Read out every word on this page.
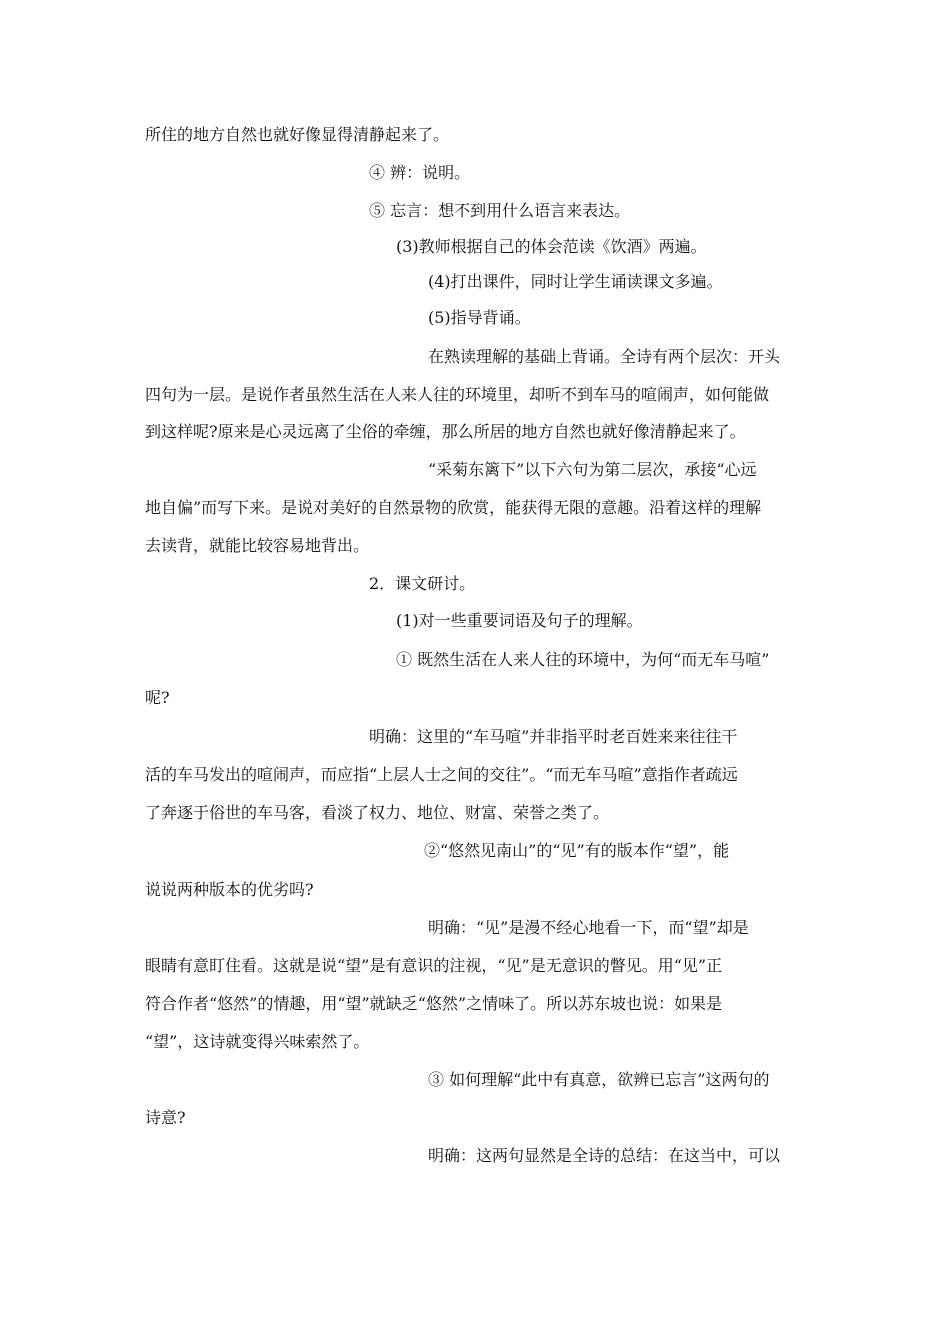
所住的地方自然也就好像显得清静起来了。
④ 辨：说明。
⑤ 忘言：想不到用什么语言来表达。
(3)教师根据自己的体会范读《饮酒》两遍。
(4)打出课件，同时让学生诵读课文多遍。
(5)指导背诵。
在熟读理解的基础上背诵。全诗有两个层次：开头
四句为一层。是说作者虽然生活在人来人往的环境里，却听不到车马的喧闹声，如何能做
到这样呢?原来是心灵远离了尘俗的牵缠，那么所居的地方自然也就好像清静起来了。
“采菊东篱下”以下六句为第二层次，承接“心远
地自偏”而写下来。是说对美好的自然景物的欣赏，能获得无限的意趣。沿着这样的理解
去读背，就能比较容易地背出。
2．课文研讨。
(1)对一些重要词语及句子的理解。
① 既然生活在人来人往的环境中，为何“而无车马喧”
呢?
明确：这里的“车马喧”并非指平时老百姓来来往往干
活的车马发出的喧闹声，而应指“上层人士之间的交往”。“而无车马喧”意指作者疏远
了奔逐于俗世的车马客，看淡了权力、地位、财富、荣誉之类了。
②“悠然见南山”的“见”有的版本作“望”，能
说说两种版本的优劣吗?
明确：“见”是漫不经心地看一下，而“望”却是
眼睛有意盯住看。这就是说“望”是有意识的注视，“见”是无意识的瞥见。用“见”正
符合作者“悠然”的情趣，用“望”就缺乏“悠然”之情味了。所以苏东坡也说：如果是
“望”，这诗就变得兴味索然了。
③ 如何理解“此中有真意，欲辨已忘言”这两句的
诗意?
明确：这两句显然是全诗的总结：在这当中，可以
